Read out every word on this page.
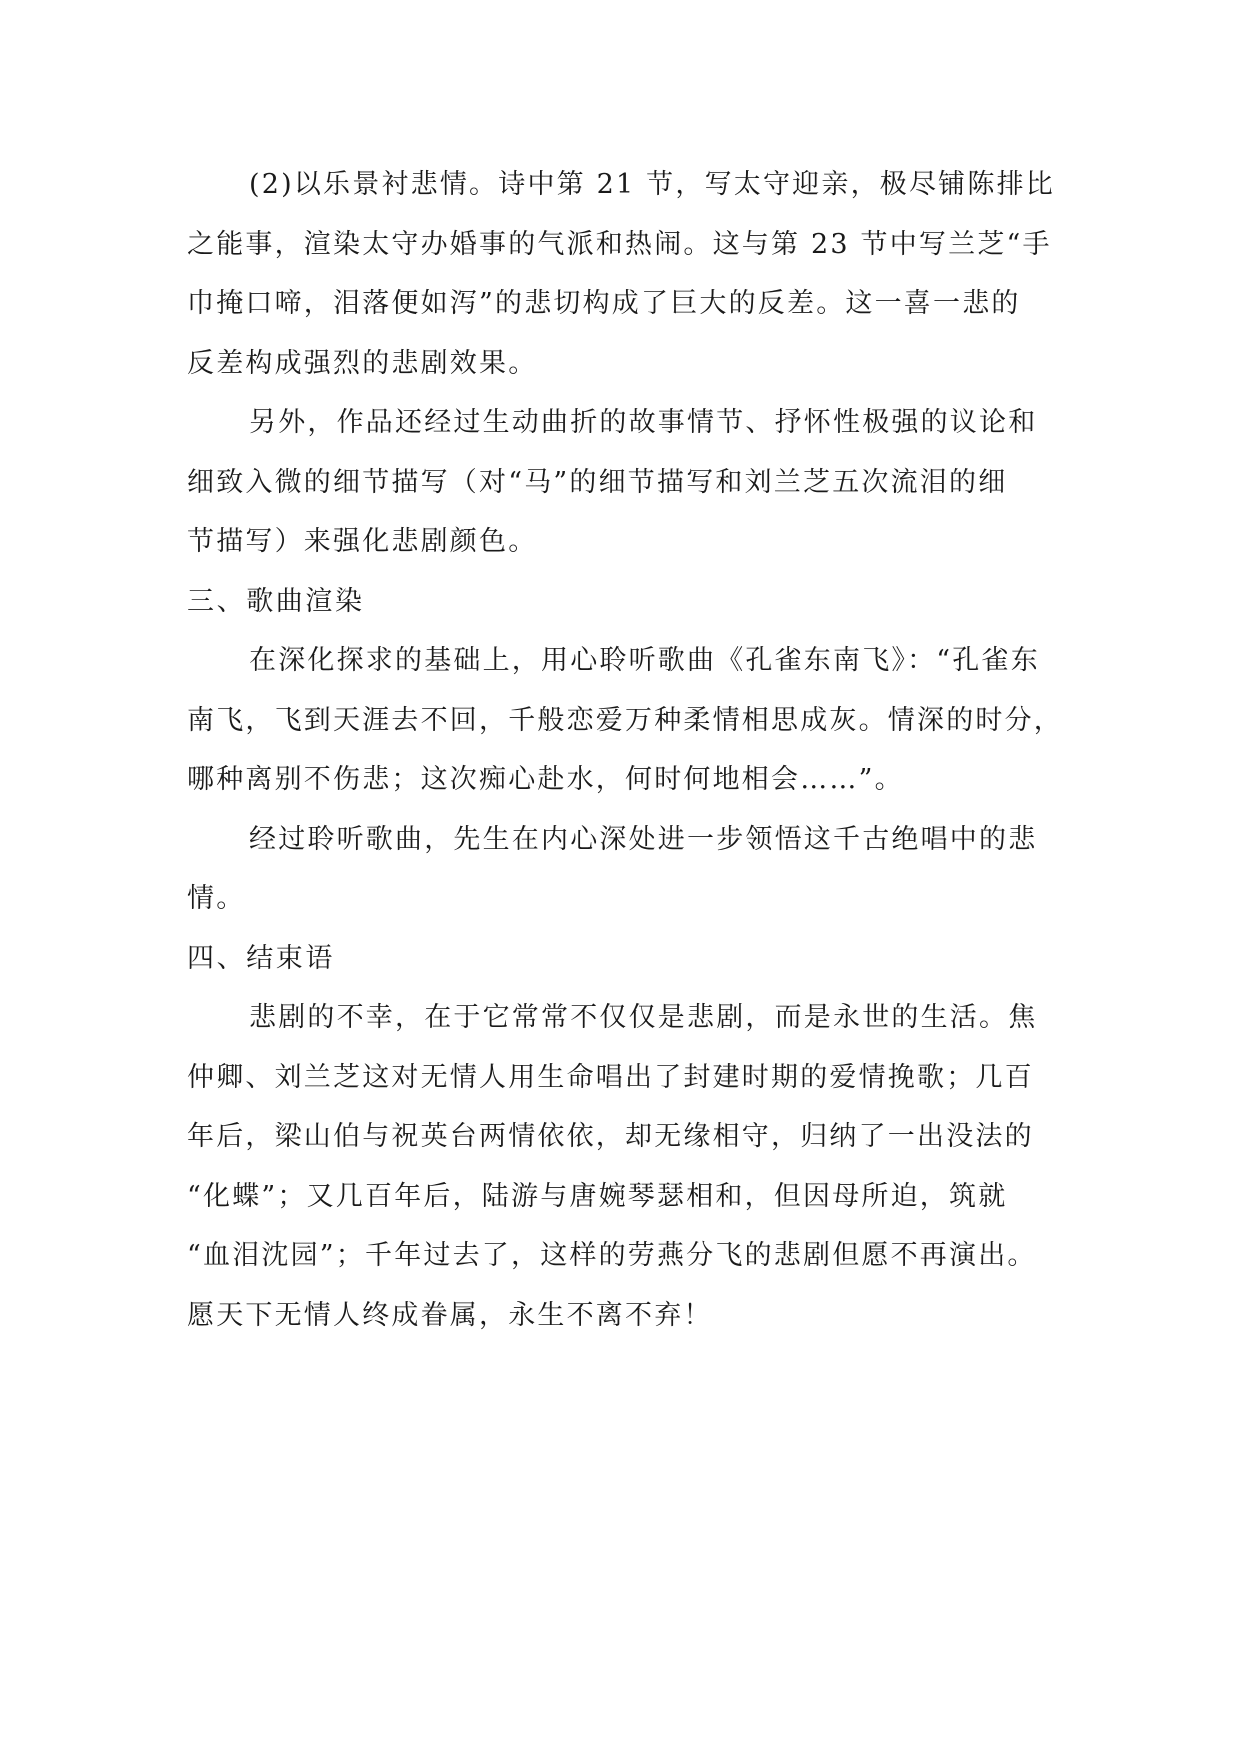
(2)以乐景衬悲情。诗中第 21 节，写太守迎亲，极尽铺陈排比
之能事，渲染太守办婚事的气派和热闹。这与第 23 节中写兰芝“手
巾掩口啼，泪落便如泻”的悲切构成了巨大的反差。这一喜一悲的
反差构成强烈的悲剧效果。
另外，作品还经过生动曲折的故事情节、抒怀性极强的议论和
细致入微的细节描写（对“马”的细节描写和刘兰芝五次流泪的细
节描写）来强化悲剧颜色。
三、歌曲渲染
在深化探求的基础上，用心聆听歌曲《孔雀东南飞》：“孔雀东
南飞，飞到天涯去不回，千般恋爱万种柔情相思成灰。情深的时分，
哪种离别不伤悲；这次痴心赴水，何时何地相会……”。
经过聆听歌曲，先生在内心深处进一步领悟这千古绝唱中的悲
情。
四、结束语
悲剧的不幸，在于它常常不仅仅是悲剧，而是永世的生活。焦
仲卿、刘兰芝这对无情人用生命唱出了封建时期的爱情挽歌；几百
年后，梁山伯与祝英台两情依依，却无缘相守，归纳了一出没法的
“化蝶”；又几百年后，陆游与唐婉琴瑟相和，但因母所迫，筑就
“血泪沈园”；千年过去了，这样的劳燕分飞的悲剧但愿不再演出。
愿天下无情人终成眷属，永生不离不弃！
